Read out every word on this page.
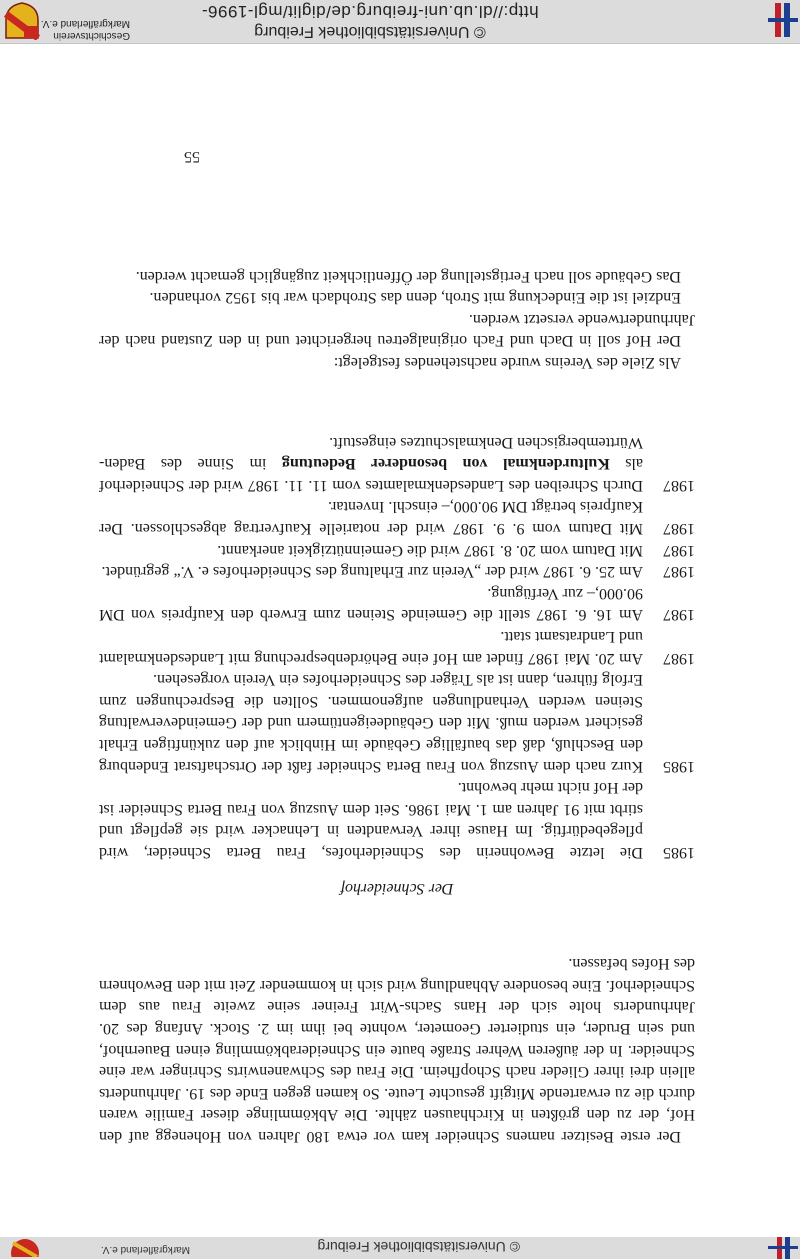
© Universitätsbibliothek Freiburg
Markgräflerland e.V.

Der erste Besitzer namens Schneider kam vor etwa 180 Jahren von Hohenegg auf den Hof, der zu den größten in Kirchhausen zählte. Die Abkömmlinge dieser Familie waren durch die zu erwartende Mitgift gesuchte Leute. So kamen gegen Ende des 19. Jahrhunderts allein drei ihrer Glieder nach Schopfheim. Die Frau des Schwanenwirts Schringer war eine Schneider. In der äußeren Wehrer Straße baute ein Schneiderabkömmling einen Bauernhof, und sein Bruder, ein studierter Geometer, wohnte bei ihm im 2. Stock. Anfang des 20. Jahrhunderts holte sich der Hans Sachs-Wirt Freiner seine zweite Frau aus dem Schneiderhof. Eine besondere Abhandlung wird sich in kommender Zeit mit den Bewohnern des Hofes befassen.

Der Schneiderhof
1985
Die letzte Bewohnerin des Schneiderhofes, Frau Berta Schneider, wird pflegebedürftig. Im Hause ihrer Verwandten in Lehnacker wird sie gepflegt und stirbt mit 91 Jahren am 1. Mai 1986. Seit dem Auszug von Frau Berta Schneider ist der Hof nicht mehr bewohnt.
1985
Kurz nach dem Auszug von Frau Berta Schneider faßt der Ortschaftsrat Endenburg den Beschluß, daß das baufällige Gebäude im Hinblick auf den zukünftigen Erhalt gesichert werden muß. Mit den Gebäudeeigentümern und der Gemeindeverwaltung Steinen werden Verhandlungen aufgenommen. Sollten die Besprechungen zum Erfolg führen, dann ist als Träger des Schneiderhofes ein Verein vorgesehen.
1987
Am 20. Mai 1987 findet am Hof eine Behördenbesprechung mit Landesdenkmalamt und Landratsamt statt.
1987
Am 16. 6. 1987 stellt die Gemeinde Steinen zum Erwerb den Kaufpreis von DM 90.000,– zur Verfügung.
1987
Am 25. 6. 1987 wird der „Verein zur Erhaltung des Schneiderhofes e. V.“ gegründet.
1987
Mit Datum vom 20. 8. 1987 wird die Gemeinnützigkeit anerkannt.
1987
Mit Datum vom 9. 9. 1987 wird der notarielle Kaufvertrag abgeschlossen. Der Kaufpreis beträgt DM 90.000,– einschl. Inventar.
1987
Durch Schreiben des Landesdenkmalamtes vom 11. 11. 1987 wird der Schneiderhof als Kulturdenkmal von besonderer Bedeutung im Sinne des Baden-Württembergischen Denkmalschutzes eingestuft.

Als Ziele des Vereins wurde nachstehendes festgelegt:

Der Hof soll in Dach und Fach originalgetreu hergerichtet und in den Zustand nach der Jahrhundertwende versetzt werden.

Endziel ist die Eindeckung mit Stroh, denn das Strohdach war bis 1952 vorhanden.

Das Gebäude soll nach Fertigstellung der Öffentlichkeit zugänglich gemacht werden.

55
© Universitätsbibliothek Freiburg
http://dl.ub.uni-freiburg.de/diglit/mgl-1996-
Geschichtsverein
Markgräflerland e.V.
